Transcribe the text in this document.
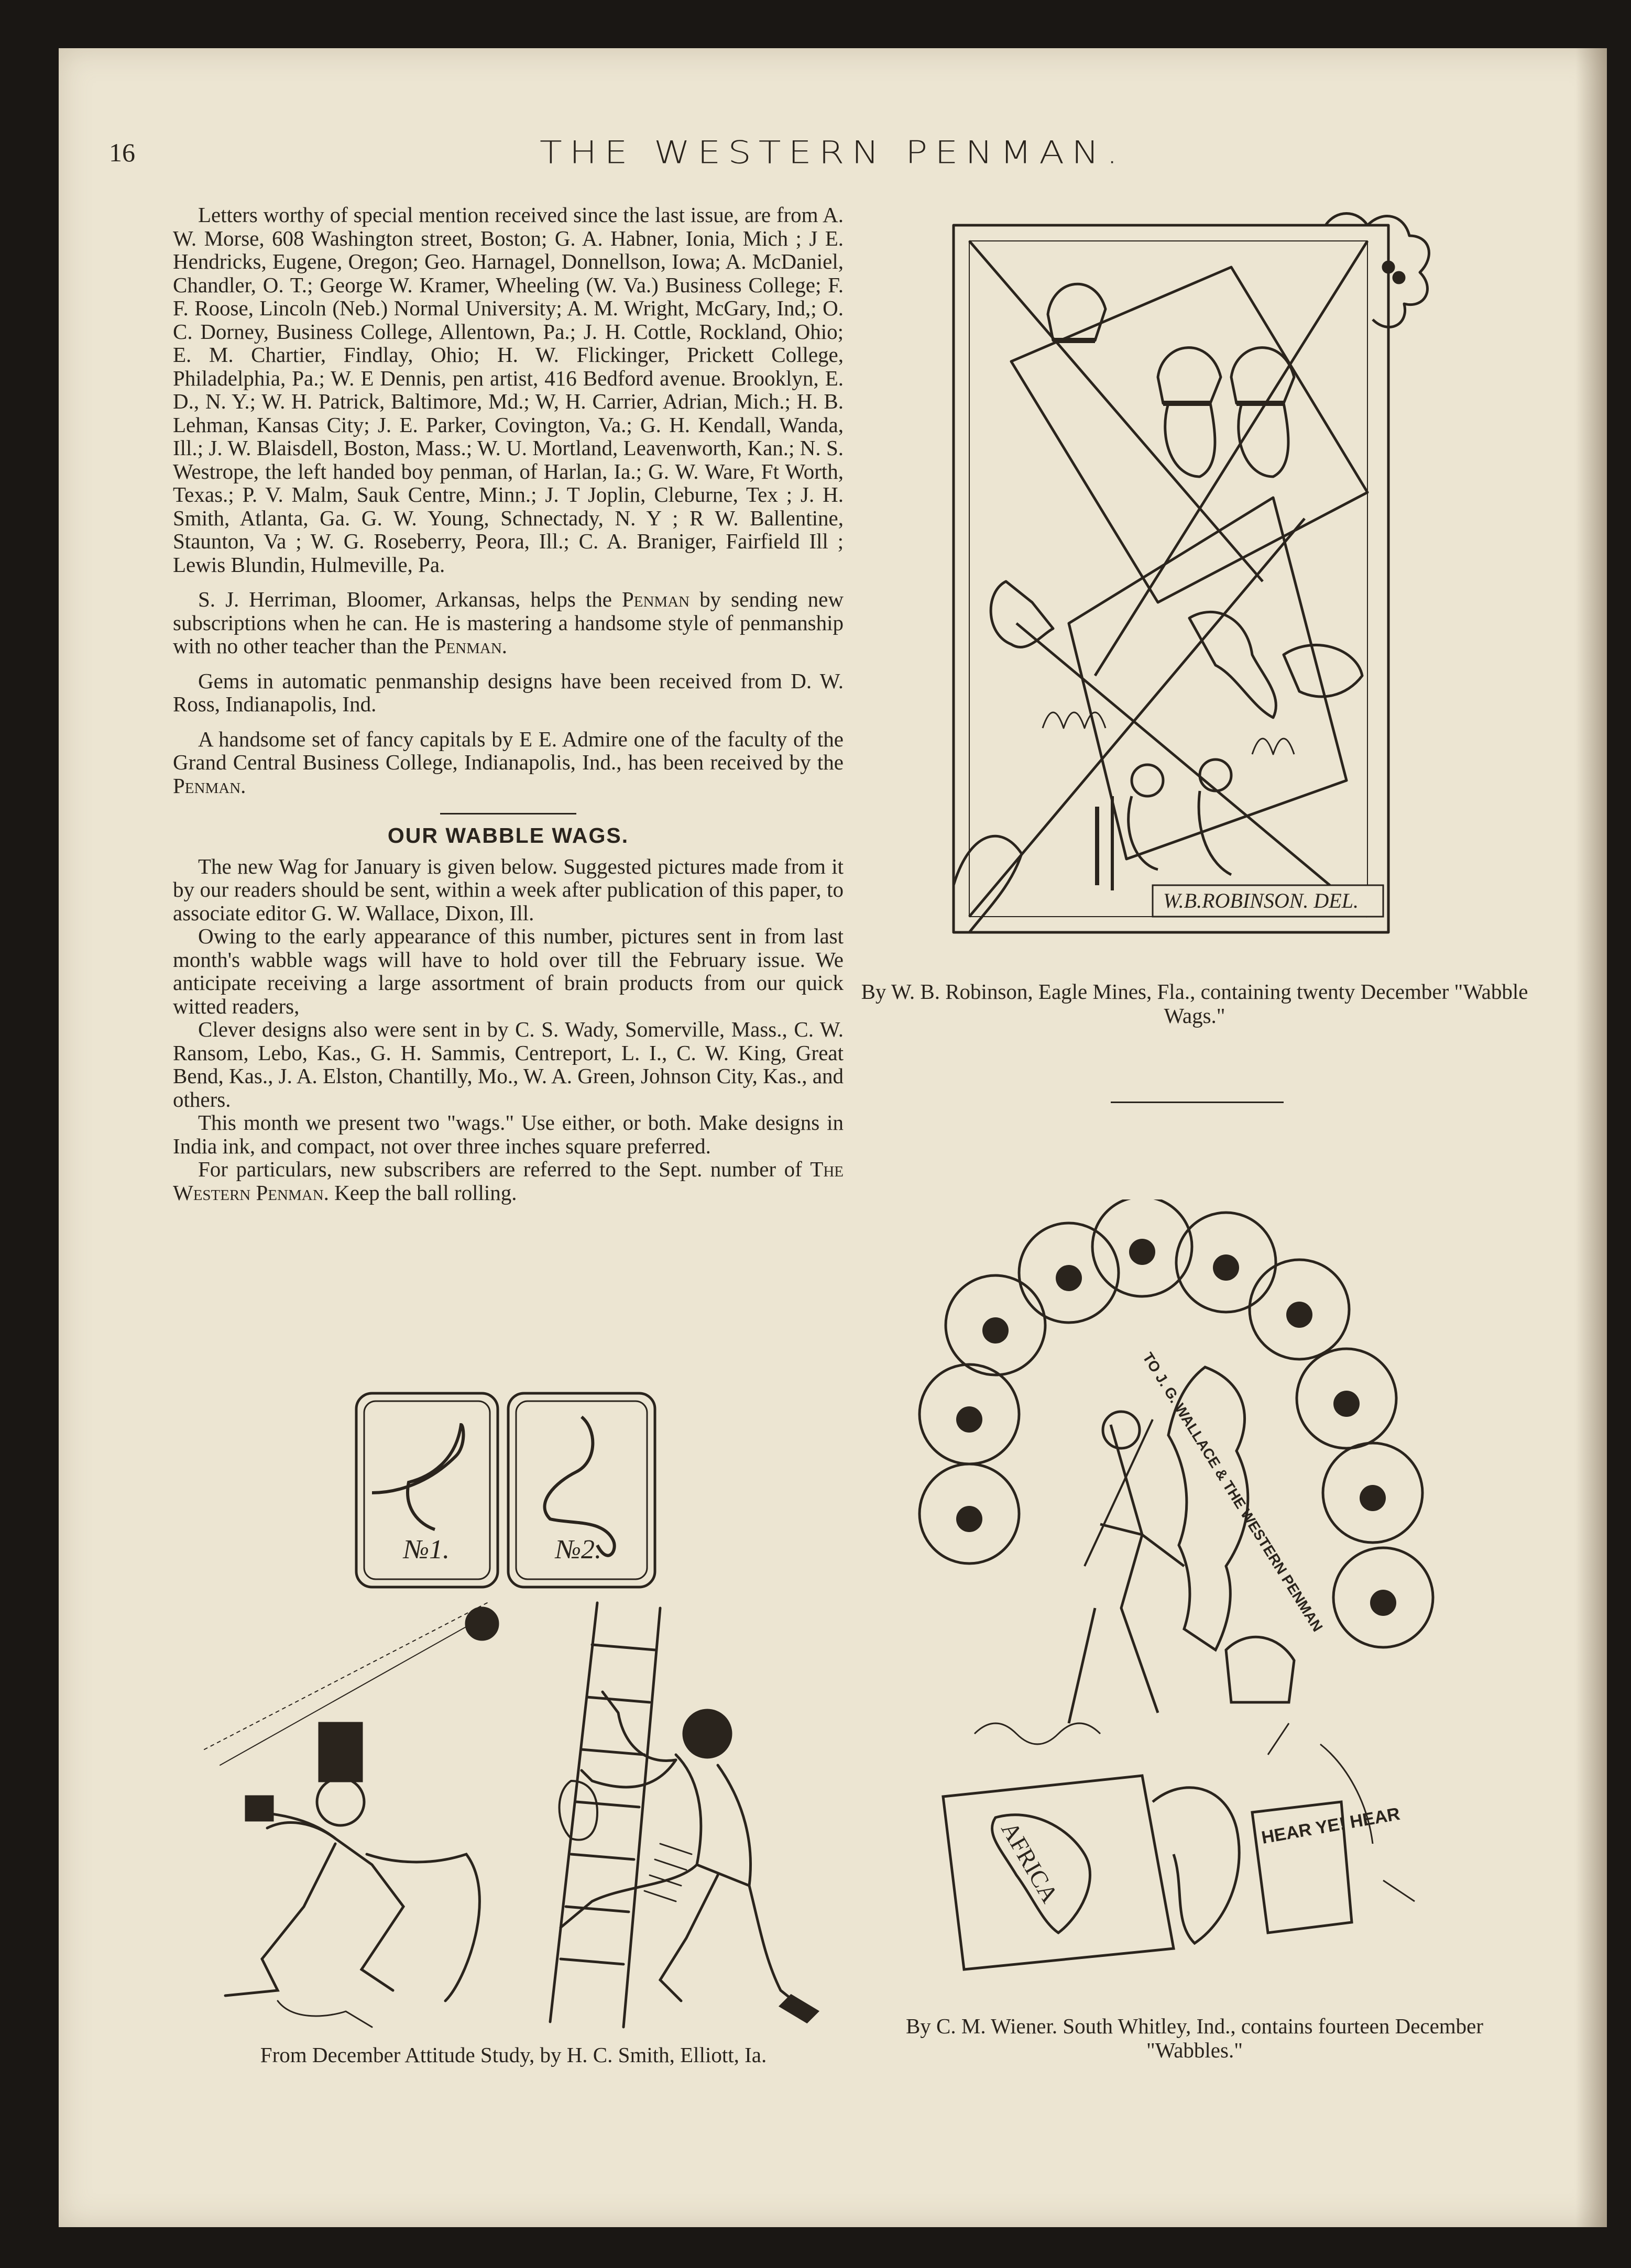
16	THE WESTERN PENMAN.

Letters worthy of special mention received since the last issue, are from A. W. Morse, 608 Washington street, Boston; G. A. Habner, Ionia, Mich ; J E. Hendricks, Eugene, Oregon; Geo. Harnagel, Donnellson, Iowa; A. McDaniel, Chandler, O. T.; George W. Kramer, Wheeling (W. Va.) Business College; F. F. Roose, Lincoln (Neb.) Normal University; A. M. Wright, McGary, Ind,; O. C. Dorney, Business College, Allentown, Pa.; J. H. Cottle, Rockland, Ohio; E. M. Chartier, Findlay, Ohio; H. W. Flickinger, Prickett College, Philadelphia, Pa.; W. E Dennis, pen artist, 416 Bedford avenue. Brooklyn, E. D., N. Y.; W. H. Patrick, Baltimore, Md.; W, H. Carrier, Adrian, Mich.; H. B. Lehman, Kansas City; J. E. Parker, Covington, Va.; G. H. Kendall, Wanda, Ill.; J. W. Blaisdell, Boston, Mass.; W. U. Mortland, Leavenworth, Kan.; N. S. Westrope, the left handed boy penman, of Harlan, Ia.; G. W. Ware, Ft Worth, Texas.; P. V. Malm, Sauk Centre, Minn.; J. T Joplin, Cleburne, Tex ; J. H. Smith, Atlanta, Ga. G. W. Young, Schnectady, N. Y ; R W. Ballentine, Staunton, Va ; W. G. Roseberry, Peora, Ill.; C. A. Braniger, Fairfield Ill ; Lewis Blundin, Hulmeville, Pa.

S. J. Herriman, Bloomer, Arkansas, helps the Penman by sending new subscriptions when he can. He is mastering a handsome style of penmanship with no other teacher than the Penman.

Gems in automatic penmanship designs have been received from D. W. Ross, Indianapolis, Ind.

A handsome set of fancy capitals by E E. Admire one of the faculty of the Grand Central Business College, Indianapolis, Ind., has been received by the Penman.

OUR WABBLE WAGS.

The new Wag for January is given below. Suggested pictures made from it by our readers should be sent, within a week after publication of this paper, to associate editor G. W. Wallace, Dixon, Ill.

Owing to the early appearance of this number, pictures sent in from last month's wabble wags will have to hold over till the February issue. We anticipate receiving a large assortment of brain products from our quick witted readers,

Clever designs also were sent in by C. S. Wady, Somerville, Mass., C. W. Ransom, Lebo, Kas., G. H. Sammis, Centreport, L. I., C. W. King, Great Bend, Kas., J. A. Elston, Chantilly, Mo., W. A. Green, Johnson City, Kas., and others.

This month we present two "wags." Use either, or both. Make designs in India ink, and compact, not over three inches square preferred.

For particulars, new subscribers are referred to the Sept. number of The Western Penman. Keep the ball rolling.

№1.	№2.
From December Attitude Study, by H. C. Smith, Elliott, Ia.
W.B.ROBINSON. DEL.
By W. B. Robinson, Eagle Mines, Fla., containing twenty December "Wabble Wags."
TO J. G. WALLACE & THE WESTERN PENMAN
AFRICA	HEAR YE! HEAR
By C. M. Wiener. South Whitley, Ind., contains fourteen December "Wabbles."
